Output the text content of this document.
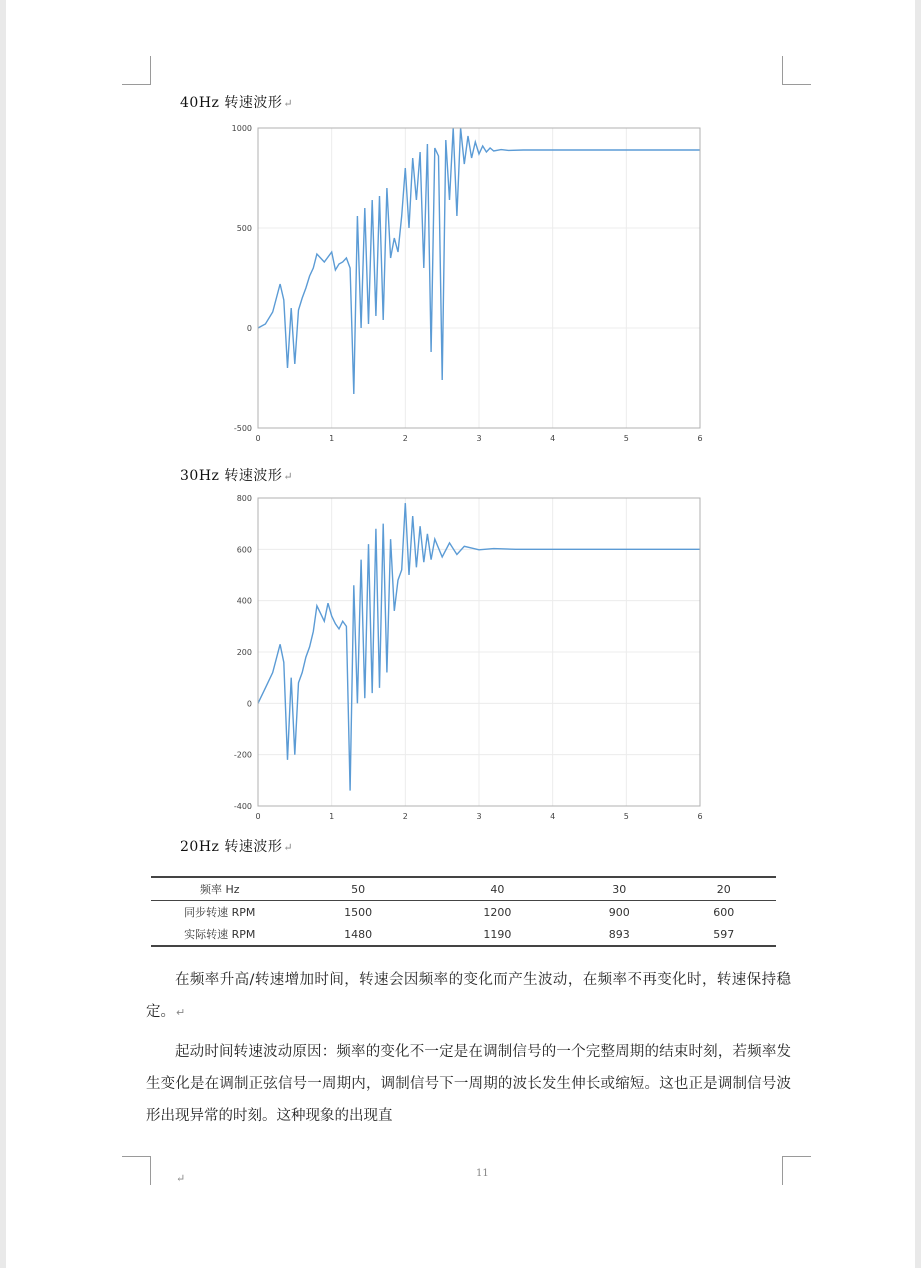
40Hz 转速波形↵
0	1	2	3	4	5	6
-500
0
500
1000
30Hz 转速波形↵
0	1	2	3	4	5	6
-400
-200
0
200
400
600
800
20Hz 转速波形↵
频率 Hz	50	40	30	20
同步转速 RPM	1500	1200	900	600
实际转速 RPM	1480	1190	893	597
在频率升高/转速增加时间，转速会因频率的变化而产生波动，在频率不再变化时，转速保持稳定。↵
起动时间转速波动原因：频率的变化不一定是在调制信号的一个完整周期的结束时刻，若频率发生变化是在调制正弦信号一周期内，调制信号下一周期的波长发生伸长或缩短。这也正是调制信号波形出现异常的时刻。这种现象的出现直
↵	11
